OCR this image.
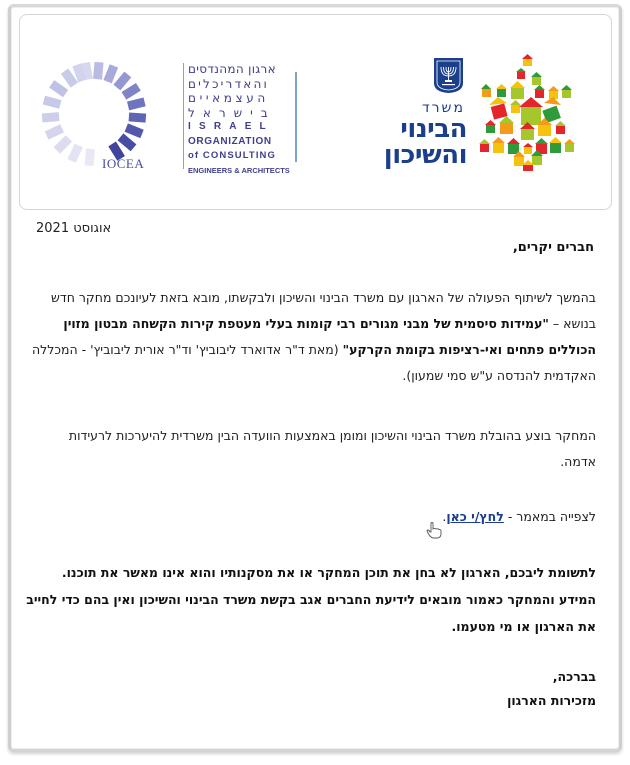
IOCEA
ארגון המהנדסים
והאדריכלים
העצמאיים
בישראל
ISRAEL
ORGANIZATION
of CONSULTING
ENGINEERS & ARCHITECTS
משרד
הבינוי
והשיכון
אוגוסט 2021
חברים יקרים,
בהמשך לשיתוף הפעולה של הארגון עם משרד הבינוי והשיכון ולבקשתו, מובא בזאת לעיונכם מחקר חדש בנושא – "עמידות סיסמית של מבני מגורים רבי קומות בעלי מעטפת קירות הקשחה מבטון מזוין הכוללים פתחים ואי-רציפות בקומת הקרקע" (מאת ד"ר אדוארד ליבוביץ' וד"ר אורית ליבוביץ' - המכללה האקדמית להנדסה ע"ש סמי שמעון).
המחקר בוצע בהובלת משרד הבינוי והשיכון ומומן באמצעות הוועדה הבין משרדית להיערכות לרעידות אדמה.
לצפייה במאמר -לחץ/י כאן.
לתשומת ליבכם, הארגון לא בחן את תוכן המחקר או את מסקנותיו והוא אינו מאשר את תוכנו. המידע והמחקר כאמור מובאים לידיעת החברים אגב בקשת משרד הבינוי והשיכון ואין בהם כדי לחייב את הארגון או מי מטעמו.
בברכה,
מזכירות הארגון
